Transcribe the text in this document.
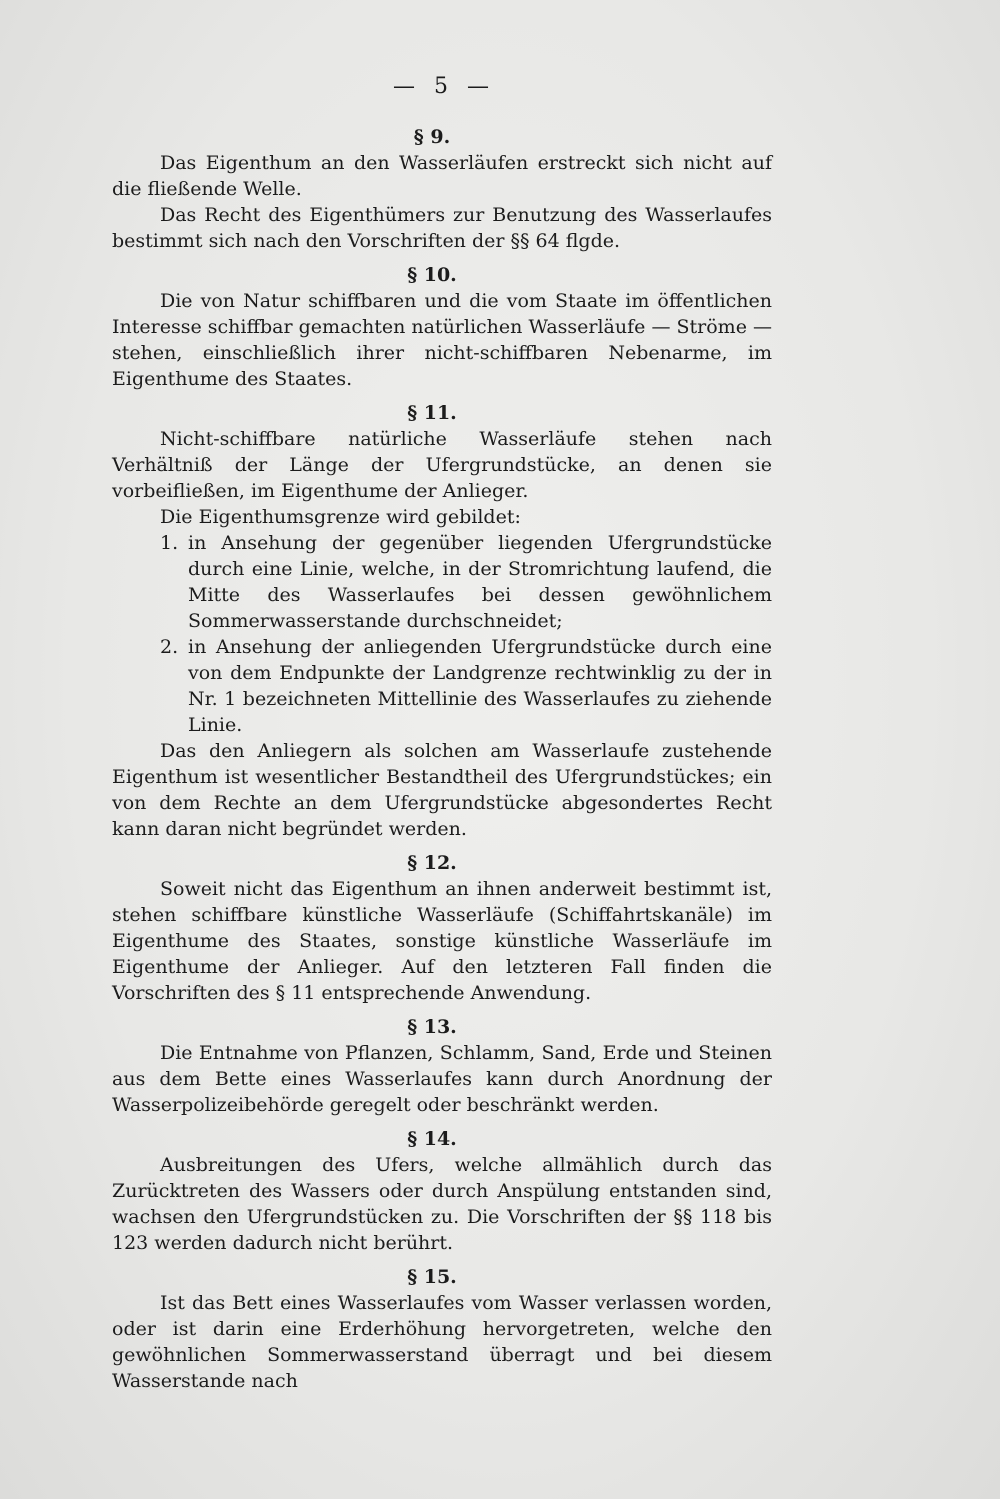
— 5 —
§ 9.

Das Eigenthum an den Wasserläufen erstreckt sich nicht auf die fließende Welle.

Das Recht des Eigenthümers zur Benutzung des Wasserlaufes bestimmt sich nach den Vorschriften der §§ 64 flgde.

§ 10.

Die von Natur schiffbaren und die vom Staate im öffentlichen Interesse schiffbar gemachten natürlichen Wasserläufe — Ströme — stehen, einschließlich ihrer nicht-schiffbaren Nebenarme, im Eigenthume des Staates.

§ 11.

Nicht-schiffbare natürliche Wasserläufe stehen nach Verhältniß der Länge der Ufergrundstücke, an denen sie vorbeifließen, im Eigenthume der Anlieger.

Die Eigenthumsgrenze wird gebildet:

1. in Ansehung der gegenüber liegenden Ufergrundstücke durch eine Linie, welche, in der Stromrichtung laufend, die Mitte des Wasserlaufes bei dessen gewöhnlichem Sommerwasserstande durchschneidet;
2. in Ansehung der anliegenden Ufergrundstücke durch eine von dem Endpunkte der Landgrenze rechtwinklig zu der in Nr. 1 bezeichneten Mittellinie des Wasserlaufes zu ziehende Linie.

Das den Anliegern als solchen am Wasserlaufe zustehende Eigenthum ist wesentlicher Bestandtheil des Ufergrundstückes; ein von dem Rechte an dem Ufergrundstücke abgesondertes Recht kann daran nicht begründet werden.

§ 12.

Soweit nicht das Eigenthum an ihnen anderweit bestimmt ist, stehen schiffbare künstliche Wasserläufe (Schiffahrtskanäle) im Eigenthume des Staates, sonstige künstliche Wasserläufe im Eigenthume der Anlieger. Auf den letzteren Fall finden die Vorschriften des § 11 entsprechende Anwendung.

§ 13.

Die Entnahme von Pflanzen, Schlamm, Sand, Erde und Steinen aus dem Bette eines Wasserlaufes kann durch Anordnung der Wasserpolizeibehörde geregelt oder beschränkt werden.

§ 14.

Ausbreitungen des Ufers, welche allmählich durch das Zurücktreten des Wassers oder durch Anspülung entstanden sind, wachsen den Ufergrundstücken zu. Die Vorschriften der §§ 118 bis 123 werden dadurch nicht berührt.

§ 15.

Ist das Bett eines Wasserlaufes vom Wasser verlassen worden, oder ist darin eine Erderhöhung hervorgetreten, welche den gewöhnlichen Sommerwasserstand überragt und bei diesem Wasserstande nach
